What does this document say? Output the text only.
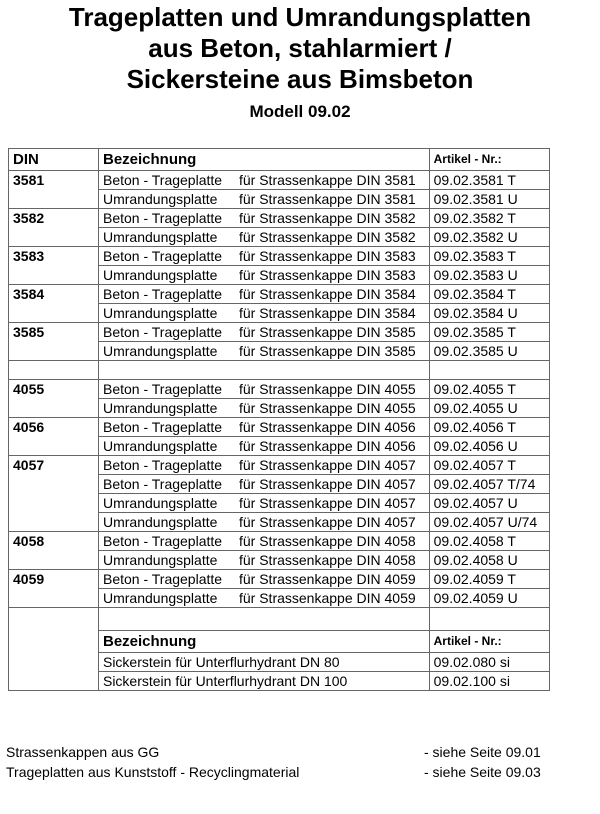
Trageplatten und Umrandungsplatten
aus Beton, stahlarmiert /
Sickersteine aus Bimsbeton
Modell 09.02
DIN	Bezeichnung	Artikel - Nr.:
3581	Beton - Trageplatte für Strassenkappe DIN 3581	09.02.3581 T
	Umrandungsplatte für Strassenkappe DIN 3581	09.02.3581 U
3582	Beton - Trageplatte für Strassenkappe DIN 3582	09.02.3582 T
	Umrandungsplatte für Strassenkappe DIN 3582	09.02.3582 U
3583	Beton - Trageplatte für Strassenkappe DIN 3583	09.02.3583 T
	Umrandungsplatte für Strassenkappe DIN 3583	09.02.3583 U
3584	Beton - Trageplatte für Strassenkappe DIN 3584	09.02.3584 T
	Umrandungsplatte für Strassenkappe DIN 3584	09.02.3584 U
3585	Beton - Trageplatte für Strassenkappe DIN 3585	09.02.3585 T
	Umrandungsplatte für Strassenkappe DIN 3585	09.02.3585 U

4055	Beton - Trageplatte für Strassenkappe DIN 4055	09.02.4055 T
	Umrandungsplatte für Strassenkappe DIN 4055	09.02.4055 U
4056	Beton - Trageplatte für Strassenkappe DIN 4056	09.02.4056 T
	Umrandungsplatte für Strassenkappe DIN 4056	09.02.4056 U
4057	Beton - Trageplatte für Strassenkappe DIN 4057	09.02.4057 T
	Beton - Trageplatte für Strassenkappe DIN 4057	09.02.4057 T/74
	Umrandungsplatte für Strassenkappe DIN 4057	09.02.4057 U
	Umrandungsplatte für Strassenkappe DIN 4057	09.02.4057 U/74
4058	Beton - Trageplatte für Strassenkappe DIN 4058	09.02.4058 T
	Umrandungsplatte für Strassenkappe DIN 4058	09.02.4058 U
4059	Beton - Trageplatte für Strassenkappe DIN 4059	09.02.4059 T
	Umrandungsplatte für Strassenkappe DIN 4059	09.02.4059 U

	Bezeichnung	Artikel - Nr.:
	Sickerstein für Unterflurhydrant DN 80	09.02.080 si
	Sickerstein für Unterflurhydrant DN 100	09.02.100 si
Strassenkappen aus GG	- siehe Seite 09.01
Trageplatten aus Kunststoff - Recyclingmaterial	- siehe Seite 09.03
